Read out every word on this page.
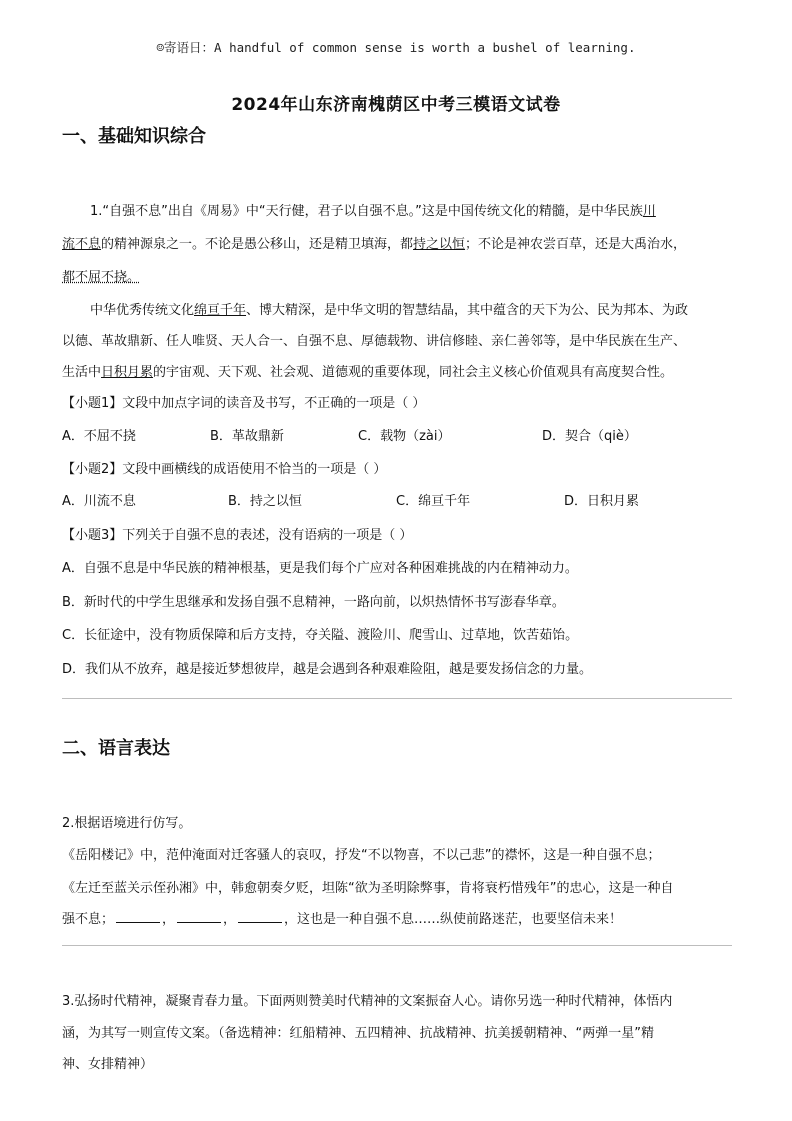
☺寄语日：A handful of common sense is worth a bushel of learning.
2024年山东济南槐荫区中考三模语文试卷
一、基础知识综合
1.“自强不息”出自《周易》中“天行健，君子以自强不息。”这是中国传统文化的精髓，是中华民族川
流不息的精神源泉之一。不论是愚公移山，还是精卫填海，都持之以恒；不论是神农尝百草，还是大禹治水，
都不屈不挠。
中华优秀传统文化绵亘千年、博大精深，是中华文明的智慧结晶，其中蕴含的天下为公、民为邦本、为政
以德、革故鼎新、任人唯贤、天人合一、自强不息、厚德载物、讲信修睦、亲仁善邻等，是中华民族在生产、
生活中日积月累的宇宙观、天下观、社会观、道德观的重要体现，同社会主义核心价值观具有高度契合性。
【小题1】文段中加点字词的读音及书写，不正确的一项是（ ）
A．不屈不挠	B．革故鼎新	C．载物（zài）	D．契合（qiè）
【小题2】文段中画横线的成语使用不恰当的一项是（ ）
A．川流不息	B．持之以恒	C．绵亘千年	D．日积月累
【小题3】下列关于自强不息的表述，没有语病的一项是（ ）
A．自强不息是中华民族的精神根基，更是我们每个广应对各种困难挑战的内在精神动力。
B．新时代的中学生思继承和发扬自强不息精神，一路向前，以炽热情怀书写澎春华章。
C．长征途中，没有物质保障和后方支持，夺关隘、渡险川、爬雪山、过草地，饮苦茹饴。
D．我们从不放弃，越是接近梦想彼岸，越是会遇到各种艰难险阻，越是要发扬信念的力量。
二、语言表达
2.根据语境进行仿写。
《岳阳楼记》中，范仲淹面对迁客骚人的哀叹，抒发“不以物喜，不以己悲”的襟怀，这是一种自强不息；
《左迁至蓝关示侄孙湘》中，韩愈朝奏夕贬，坦陈“欲为圣明除弊事，肯将衰朽惜残年”的忠心，这是一种自
强不息；	，	，	，这也是一种自强不息……纵使前路迷茫，也要坚信未来！
3.弘扬时代精神，凝聚青春力量。下面两则赞美时代精神的文案振奋人心。请你另选一种时代精神，体悟内
涵，为其写一则宣传文案。（备选精神：红船精神、五四精神、抗战精神、抗美援朝精神、“两弹一星”精
神、女排精神）
